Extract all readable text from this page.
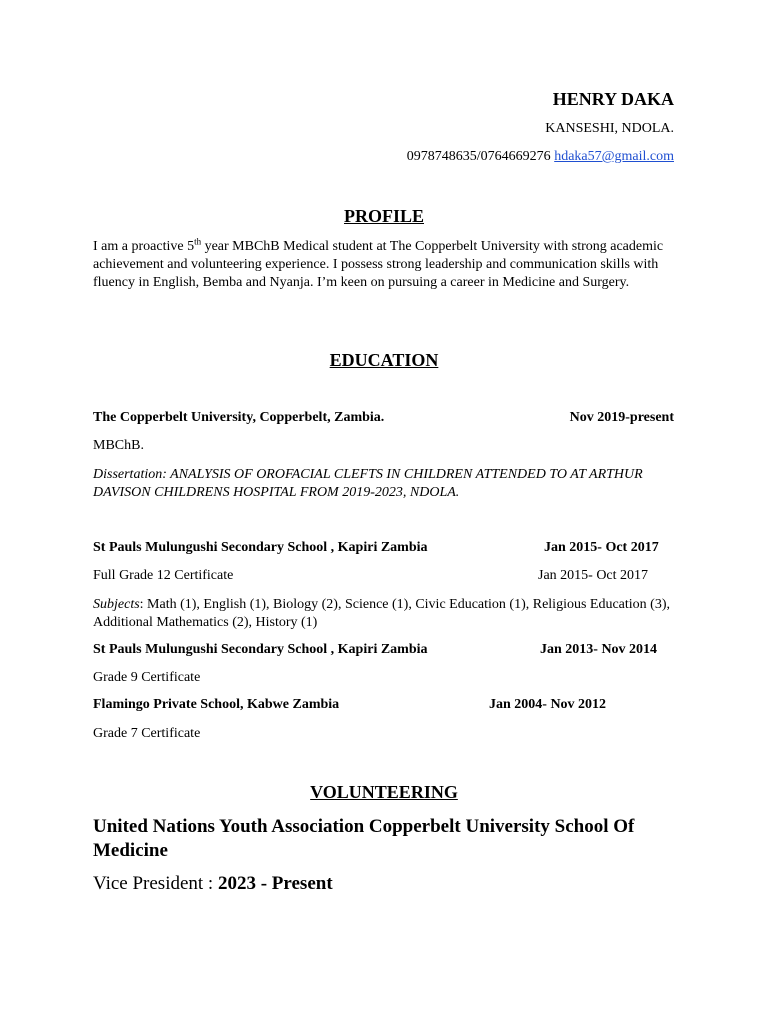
HENRY DAKA
KANSESHI, NDOLA.
0978748635/0764669276 hdaka57@gmail.com
PROFILE
I am a proactive 5th year MBChB Medical student at The Copperbelt University with strong academic achievement and volunteering experience. I possess strong leadership and communication skills with fluency in English, Bemba and Nyanja. I’m keen on pursuing a career in Medicine and Surgery.
EDUCATION
The Copperbelt University, Copperbelt, Zambia.	Nov 2019-present
MBChB.
Dissertation: ANALYSIS OF OROFACIAL CLEFTS IN CHILDREN ATTENDED TO AT ARTHUR DAVISON CHILDRENS HOSPITAL FROM 2019-2023, NDOLA.
St Pauls Mulungushi Secondary School , Kapiri Zambia	Jan 2015- Oct 2017
Full Grade 12 Certificate	Jan 2015- Oct 2017
Subjects: Math (1), English (1), Biology (2), Science (1), Civic Education (1), Religious Education (3), Additional Mathematics (2), History (1)
St Pauls Mulungushi Secondary School , Kapiri Zambia	Jan 2013- Nov 2014
Grade 9 Certificate
Flamingo Private School, Kabwe Zambia	Jan 2004- Nov 2012
Grade 7 Certificate
VOLUNTEERING
United Nations Youth Association Copperbelt University School Of Medicine
Vice President : 2023 - Present
